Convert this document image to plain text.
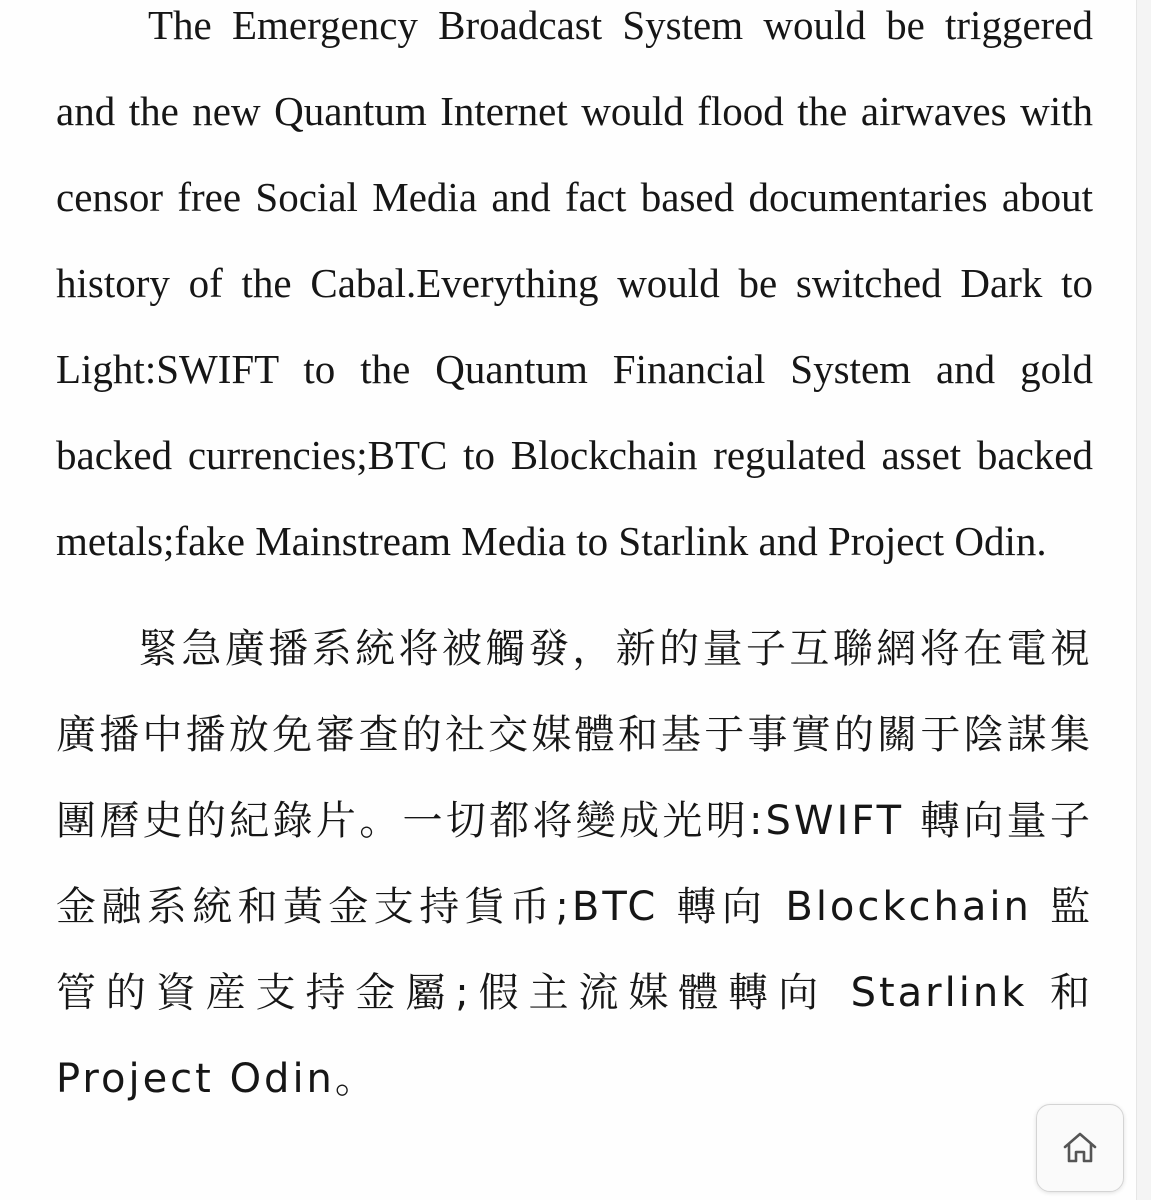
The Emergency Broadcast System would be triggered and the new Quantum Internet would flood the airwaves with censor free Social Media and fact based documentaries about history of the Cabal.Everything would be switched Dark to Light:SWIFT to the Quantum Financial System and gold backed currencies;BTC to Blockchain regulated asset backed metals;fake Mainstream Media to Starlink and Project Odin.

緊急廣播系統将被觸發，新的量子互聯網将在電視廣播中播放免審查的社交媒體和基于事實的關于陰謀集團曆史的紀錄片。一切都将變成光明:SWIFT 轉向量子金融系統和黃金支持貨币;BTC 轉向 Blockchain 監管的資産支持金屬;假主流媒體轉向 Starlink 和 Project Odin。
